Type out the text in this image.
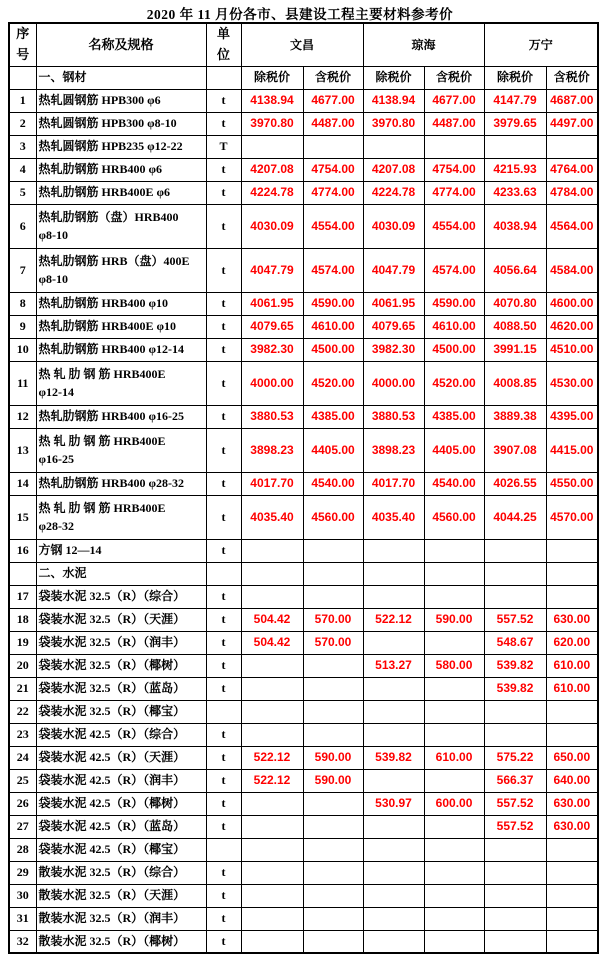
2020 年 11 月份各市、县建设工程主要材料参考价
序号	名称及规格	单位	文昌		琼海		万宁	
	一、钢材		除税价	含税价	除税价	含税价	除税价	含税价
1	热轧圆钢筋 HPB300 φ6	t	4138.94	4677.00	4138.94	4677.00	4147.79	4687.00
2	热轧圆钢筋 HPB300 φ8-10	t	3970.80	4487.00	3970.80	4487.00	3979.65	4497.00
3	热轧圆钢筋 HPB235 φ12-22	T						
4	热轧肋钢筋 HRB400 φ6	t	4207.08	4754.00	4207.08	4754.00	4215.93	4764.00
5	热轧肋钢筋 HRB400E φ6	t	4224.78	4774.00	4224.78	4774.00	4233.63	4784.00
6	热轧肋钢筋（盘）HRB400
φ8-10	t	4030.09	4554.00	4030.09	4554.00	4038.94	4564.00
7	热轧肋钢筋 HRB（盘）400E
φ8-10	t	4047.79	4574.00	4047.79	4574.00	4056.64	4584.00
8	热轧肋钢筋 HRB400 φ10	t	4061.95	4590.00	4061.95	4590.00	4070.80	4600.00
9	热轧肋钢筋 HRB400E φ10	t	4079.65	4610.00	4079.65	4610.00	4088.50	4620.00
10	热轧肋钢筋 HRB400 φ12-14	t	3982.30	4500.00	3982.30	4500.00	3991.15	4510.00
11	热 轧 肋 钢 筋 HRB400E
φ12-14	t	4000.00	4520.00	4000.00	4520.00	4008.85	4530.00
12	热轧肋钢筋 HRB400 φ16-25	t	3880.53	4385.00	3880.53	4385.00	3889.38	4395.00
13	热 轧 肋 钢 筋 HRB400E
φ16-25	t	3898.23	4405.00	3898.23	4405.00	3907.08	4415.00
14	热轧肋钢筋 HRB400 φ28-32	t	4017.70	4540.00	4017.70	4540.00	4026.55	4550.00
15	热 轧 肋 钢 筋 HRB400E
φ28-32	t	4035.40	4560.00	4035.40	4560.00	4044.25	4570.00
16	方钢 12—14	t						
	二、水泥							
17	袋装水泥 32.5（R）（综合）	t						
18	袋装水泥 32.5（R）（天涯）	t	504.42	570.00	522.12	590.00	557.52	630.00
19	袋装水泥 32.5（R）（润丰）	t	504.42	570.00			548.67	620.00
20	袋装水泥 32.5（R）（椰树）	t			513.27	580.00	539.82	610.00
21	袋装水泥 32.5（R）（蓝岛）	t					539.82	610.00
22	袋装水泥 32.5（R）（椰宝）							
23	袋装水泥 42.5（R）（综合）	t						
24	袋装水泥 42.5（R）（天涯）	t	522.12	590.00	539.82	610.00	575.22	650.00
25	袋装水泥 42.5（R）（润丰）	t	522.12	590.00			566.37	640.00
26	袋装水泥 42.5（R）（椰树）	t			530.97	600.00	557.52	630.00
27	袋装水泥 42.5（R）（蓝岛）	t					557.52	630.00
28	袋装水泥 42.5（R）（椰宝）							
29	散装水泥 32.5（R）（综合）	t						
30	散装水泥 32.5（R）（天涯）	t						
31	散装水泥 32.5（R）（润丰）	t						
32	散装水泥 32.5（R）（椰树）	t						
